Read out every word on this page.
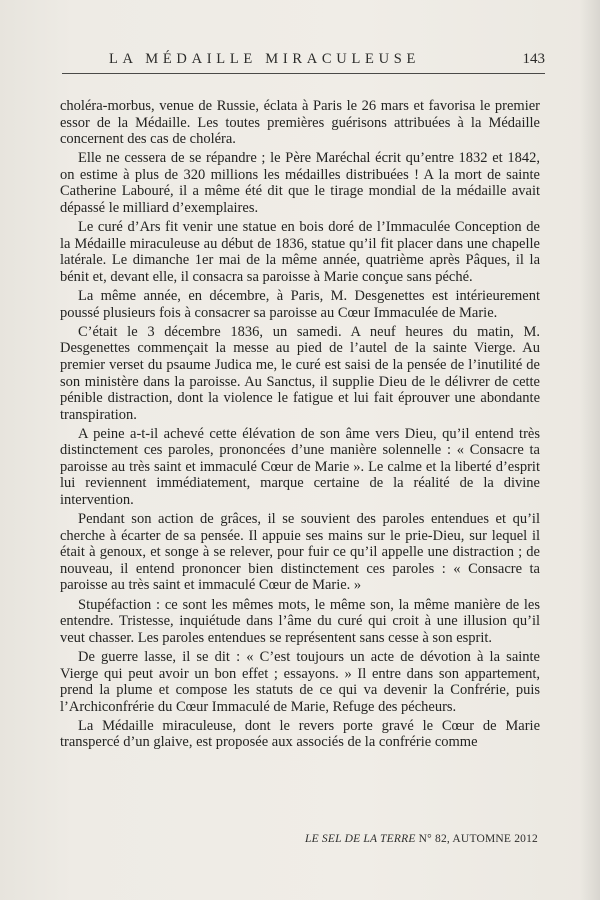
LA MÉDAILLE MIRACULEUSE	143

choléra-morbus, venue de Russie, éclata à Paris le 26 mars et favorisa le premier essor de la Médaille. Les toutes premières guérisons attribuées à la Médaille concernent des cas de choléra.

Elle ne cessera de se répandre ; le Père Maréchal écrit qu’entre 1832 et 1842, on estime à plus de 320 millions les médailles distribuées ! A la mort de sainte Catherine Labouré, il a même été dit que le tirage mondial de la médaille avait dépassé le milliard d’exemplaires.

Le curé d’Ars fit venir une statue en bois doré de l’Immaculée Conception de la Médaille miraculeuse au début de 1836, statue qu’il fit placer dans une chapelle latérale. Le dimanche 1er mai de la même année, quatrième après Pâques, il la bénit et, devant elle, il consacra sa paroisse à Marie conçue sans péché.

La même année, en décembre, à Paris, M. Desgenettes est intérieurement poussé plusieurs fois à consacrer sa paroisse au Cœur Immaculée de Marie.

C’était le 3 décembre 1836, un samedi. A neuf heures du matin, M. Desgenettes commençait la messe au pied de l’autel de la sainte Vierge. Au premier verset du psaume Judica me, le curé est saisi de la pensée de l’inutilité de son ministère dans la paroisse. Au Sanctus, il supplie Dieu de le délivrer de cette pénible distraction, dont la violence le fatigue et lui fait éprouver une abondante transpiration.

A peine a-t-il achevé cette élévation de son âme vers Dieu, qu’il entend très distinctement ces paroles, prononcées d’une manière solennelle : « Consacre ta paroisse au très saint et immaculé Cœur de Marie ». Le calme et la liberté d’esprit lui reviennent immédiatement, marque certaine de la réalité de la divine intervention.

Pendant son action de grâces, il se souvient des paroles entendues et qu’il cherche à écarter de sa pensée. Il appuie ses mains sur le prie-Dieu, sur lequel il était à genoux, et songe à se relever, pour fuir ce qu’il appelle une distraction ; de nouveau, il entend prononcer bien distinctement ces paroles : « Consacre ta paroisse au très saint et immaculé Cœur de Marie. »

Stupéfaction : ce sont les mêmes mots, le même son, la même manière de les entendre. Tristesse, inquiétude dans l’âme du curé qui croit à une illusion qu’il veut chasser. Les paroles entendues se représentent sans cesse à son esprit.

De guerre lasse, il se dit : « C’est toujours un acte de dévotion à la sainte Vierge qui peut avoir un bon effet ; essayons. » Il entre dans son appartement, prend la plume et compose les statuts de ce qui va devenir la Confrérie, puis l’Archiconfrérie du Cœur Immaculé de Marie, Refuge des pécheurs.

La Médaille miraculeuse, dont le revers porte gravé le Cœur de Marie transpercé d’un glaive, est proposée aux associés de la confrérie comme

LE SEL DE LA TERRE N° 82, AUTOMNE 2012
